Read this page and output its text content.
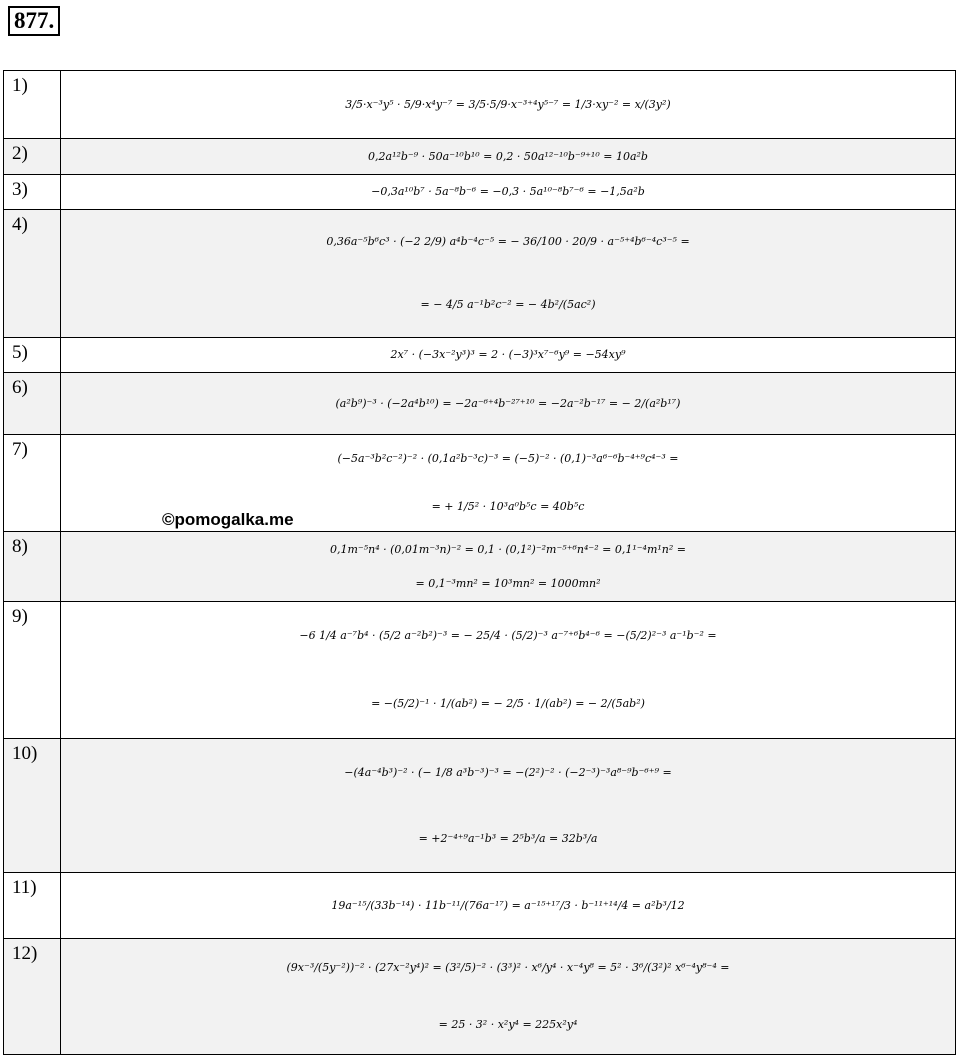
877.
1)	3/5·x⁻³y⁵ · 5/9·x⁴y⁻⁷ = 3/5·5/9·x⁻³⁺⁴y⁵⁻⁷ = 1/3·xy⁻² = x/(3y²)

2)	0,2a¹²b⁻⁹ · 50a⁻¹⁰b¹⁰ = 0,2 · 50a¹²⁻¹⁰b⁻⁹⁺¹⁰ = 10a²b

3)	−0,3a¹⁰b⁷ · 5a⁻⁸b⁻⁶ = −0,3 · 5a¹⁰⁻⁸b⁷⁻⁶ = −1,5a²b

4)	0,36a⁻⁵b⁶c³ · (−2 2/9) a⁴b⁻⁴c⁻⁵ = − 36/100 · 20/9 · a⁻⁵⁺⁴b⁶⁻⁴c³⁻⁵ =
= − 4/5 a⁻¹b²c⁻² = − 4b²/(5ac²)

5)	2x⁷ · (−3x⁻²y³)³ = 2 · (−3)³x⁷⁻⁶y⁹ = −54xy⁹

6)	(a²b⁹)⁻³ · (−2a⁴b¹⁰) = −2a⁻⁶⁺⁴b⁻²⁷⁺¹⁰ = −2a⁻²b⁻¹⁷ = − 2/(a²b¹⁷)

7)	(−5a⁻³b²c⁻²)⁻² · (0,1a²b⁻³c)⁻³ = (−5)⁻² · (0,1)⁻³a⁶⁻⁶b⁻⁴⁺⁹c⁴⁻³ =
= + 1/5² · 10³a⁰b⁵c = 40b⁵c

8)	0,1m⁻⁵n⁴ · (0,01m⁻³n)⁻² = 0,1 · (0,1²)⁻²m⁻⁵⁺⁶n⁴⁻² = 0,1¹⁻⁴m¹n² =
= 0,1⁻³mn² = 10³mn² = 1000mn²

9)	−6 1/4 a⁻⁷b⁴ · (5/2 a⁻²b²)⁻³ = − 25/4 · (5/2)⁻³ a⁻⁷⁺⁶b⁴⁻⁶ = −(5/2)²⁻³ a⁻¹b⁻² =
= −(5/2)⁻¹ · 1/(ab²) = − 2/5 · 1/(ab²) = − 2/(5ab²)

10)	−(4a⁻⁴b³)⁻² · (− 1/8 a³b⁻³)⁻³ = −(2²)⁻² · (−2⁻³)⁻³a⁸⁻⁹b⁻⁶⁺⁹ =
= +2⁻⁴⁺⁹a⁻¹b³ = 2⁵b³/a = 32b³/a

11)	19a⁻¹⁵/(33b⁻¹⁴) · 11b⁻¹¹/(76a⁻¹⁷) = a⁻¹⁵⁺¹⁷/3 · b⁻¹¹⁺¹⁴/4 = a²b³/12

12)	(9x⁻³/(5y⁻²))⁻² · (27x⁻²y⁴)² = (3²/5)⁻² · (3³)² · x⁶/y⁴ · x⁻⁴y⁸ = 5² · 3⁶/(3²)² x⁶⁻⁴y⁸⁻⁴ =
= 25 · 3² · x²y⁴ = 225x²y⁴
©pomogalka.me
